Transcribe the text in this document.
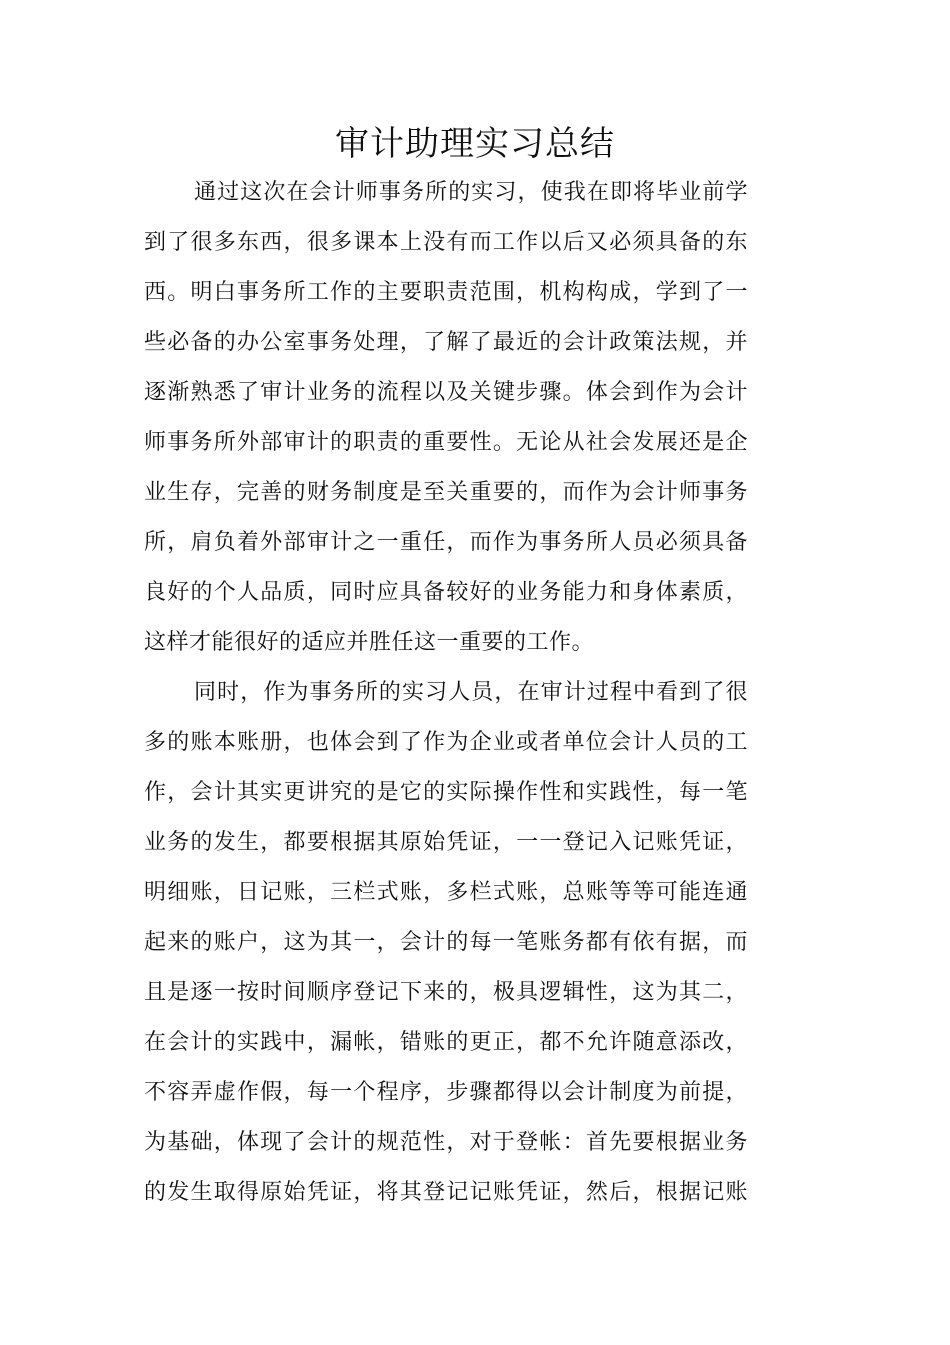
审计助理实习总结
通过这次在会计师事务所的实习，使我在即将毕业前学
到了很多东西，很多课本上没有而工作以后又必须具备的东
西。明白事务所工作的主要职责范围，机构构成，学到了一
些必备的办公室事务处理，了解了最近的会计政策法规，并
逐渐熟悉了审计业务的流程以及关键步骤。体会到作为会计
师事务所外部审计的职责的重要性。无论从社会发展还是企
业生存，完善的财务制度是至关重要的，而作为会计师事务
所，肩负着外部审计之一重任，而作为事务所人员必须具备
良好的个人品质，同时应具备较好的业务能力和身体素质，
这样才能很好的适应并胜任这一重要的工作。
同时，作为事务所的实习人员，在审计过程中看到了很
多的账本账册，也体会到了作为企业或者单位会计人员的工
作，会计其实更讲究的是它的实际操作性和实践性，每一笔
业务的发生，都要根据其原始凭证，一一登记入记账凭证，
明细账，日记账，三栏式账，多栏式账，总账等等可能连通
起来的账户，这为其一，会计的每一笔账务都有依有据，而
且是逐一按时间顺序登记下来的，极具逻辑性，这为其二，
在会计的实践中，漏帐，错账的更正，都不允许随意添改，
不容弄虚作假，每一个程序，步骤都得以会计制度为前提，
为基础，体现了会计的规范性，对于登帐：首先要根据业务
的发生取得原始凭证，将其登记记账凭证，然后，根据记账
